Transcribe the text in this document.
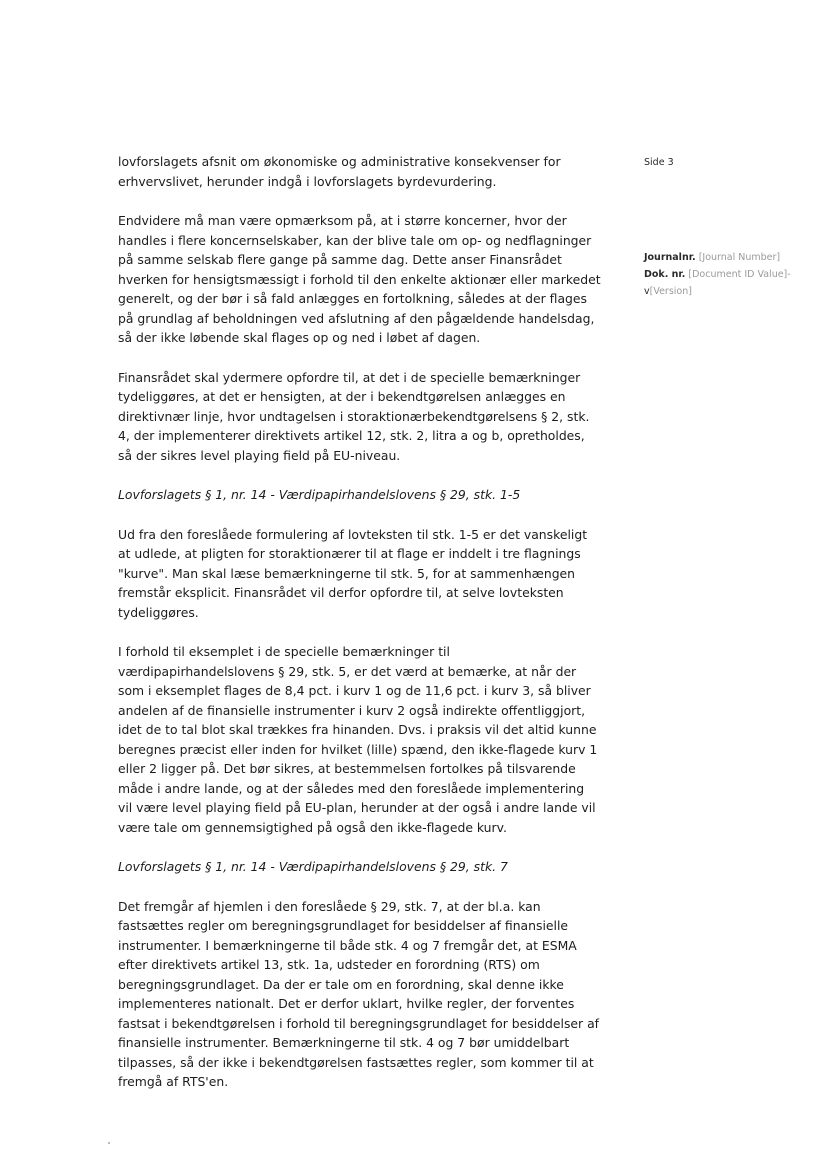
lovforslagets afsnit om økonomiske og administrative konsekvenser for erhvervslivet, herunder indgå i lovforslagets byrdevurdering.

Endvidere må man være opmærksom på, at i større koncerner, hvor der handles i flere koncernselskaber, kan der blive tale om op- og nedflagninger på samme selskab flere gange på samme dag. Dette anser Finansrådet hverken for hensigtsmæssigt i forhold til den enkelte aktionær eller markedet generelt, og der bør i så fald anlægges en fortolkning, således at der flages på grundlag af beholdningen ved afslutning af den pågældende handelsdag, så der ikke løbende skal flages op og ned i løbet af dagen.

Finansrådet skal ydermere opfordre til, at det i de specielle bemærkninger tydeliggøres, at det er hensigten, at der i bekendtgørelsen anlægges en direktivnær linje, hvor undtagelsen i storaktionærbekendtgørelsens § 2, stk. 4, der implementerer direktivets artikel 12, stk. 2, litra a og b, opretholdes, så der sikres level playing field på EU-niveau.

Lovforslagets § 1, nr. 14 - Værdipapirhandelslovens § 29, stk. 1-5

Ud fra den foreslåede formulering af lovteksten til stk. 1-5 er det vanskeligt at udlede, at pligten for storaktionærer til at flage er inddelt i tre flagnings "kurve". Man skal læse bemærkningerne til stk. 5, for at sammenhængen fremstår eksplicit. Finansrådet vil derfor opfordre til, at selve lovteksten tydeliggøres.

I forhold til eksemplet i de specielle bemærkninger til værdipapirhandelslovens § 29, stk. 5, er det værd at bemærke, at når der som i eksemplet flages de 8,4 pct. i kurv 1 og de 11,6 pct. i kurv 3, så bliver andelen af de finansielle instrumenter i kurv 2 også indirekte offentliggjort, idet de to tal blot skal trækkes fra hinanden. Dvs. i praksis vil det altid kunne beregnes præcist eller inden for hvilket (lille) spænd, den ikke-flagede kurv 1 eller 2 ligger på. Det bør sikres, at bestemmelsen fortolkes på tilsvarende måde i andre lande, og at der således med den foreslåede implementering vil være level playing field på EU-plan, herunder at der også i andre lande vil være tale om gennemsigtighed på også den ikke-flagede kurv.

Lovforslagets § 1, nr. 14 - Værdipapirhandelslovens § 29, stk. 7

Det fremgår af hjemlen i den foreslåede § 29, stk. 7, at der bl.a. kan fastsættes regler om beregningsgrundlaget for besiddelser af finansielle instrumenter. I bemærkningerne til både stk. 4 og 7 fremgår det, at ESMA efter direktivets artikel 13, stk. 1a, udsteder en forordning (RTS) om beregningsgrundlaget. Da der er tale om en forordning, skal denne ikke implementeres nationalt. Det er derfor uklart, hvilke regler, der forventes fastsat i bekendtgørelsen i forhold til beregningsgrundlaget for besiddelser af finansielle instrumenter. Bemærkningerne til stk. 4 og 7 bør umiddelbart tilpasses, så der ikke i bekendtgørelsen fastsættes regler, som kommer til at fremgå af RTS'en.

Side 3
Journalnr. [Journal Number]
Dok. nr. [Document ID Value]-
v[Version]
